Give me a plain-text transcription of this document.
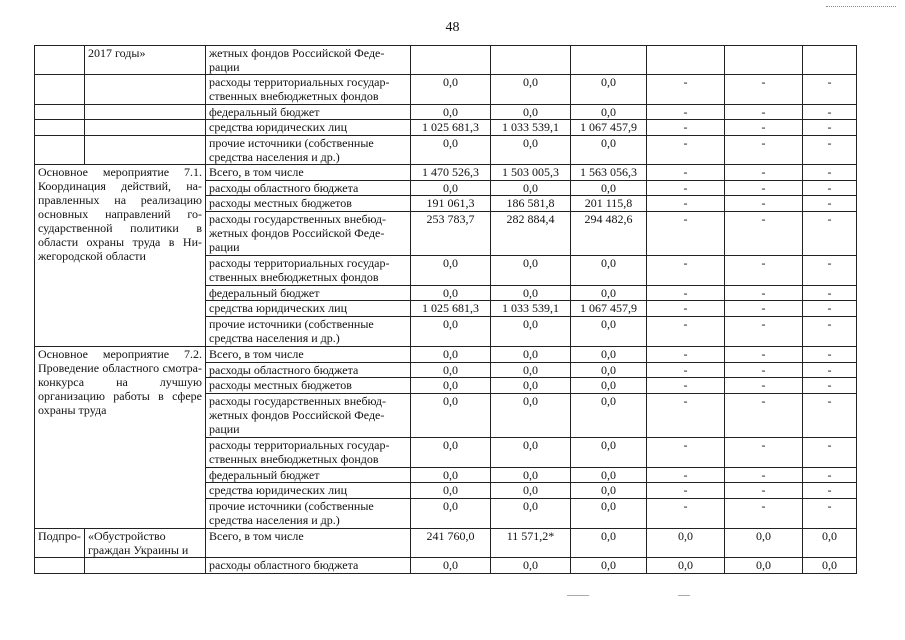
48
	2017 годы»	жетных фондов Российской Федерации						
		расходы территориальных государственных внебюджетных фондов	0,0	0,0	0,0	-	-	-
		федеральный бюджет	0,0	0,0	0,0	-	-	-
		средства юридических лиц	1 025 681,3	1 033 539,1	1 067 457,9	-	-	-
		прочие источники (собственные средства населения и др.)	0,0	0,0	0,0	-	-	-
Основное мероприятие 7.1. Координация действий, направленных на реализацию основных направлений государственной политики в области охраны труда в Нижегородской области		Всего, в том числе	1 470 526,3	1 503 005,3	1 563 056,3	-	-	-
		расходы областного бюджета	0,0	0,0	0,0	-	-	-
		расходы местных бюджетов	191 061,3	186 581,8	201 115,8	-	-	-
		расходы государственных внебюджетных фондов Российской Федерации	253 783,7	282 884,4	294 482,6	-	-	-
		расходы территориальных государственных внебюджетных фондов	0,0	0,0	0,0	-	-	-
		федеральный бюджет	0,0	0,0	0,0	-	-	-
		средства юридических лиц	1 025 681,3	1 033 539,1	1 067 457,9	-	-	-
		прочие источники (собственные средства населения и др.)	0,0	0,0	0,0	-	-	-
Основное мероприятие 7.2. Проведение областного смотра-конкурса на лучшую организацию работы в сфере охраны труда		Всего, в том числе	0,0	0,0	0,0	-	-	-
		расходы областного бюджета	0,0	0,0	0,0	-	-	-
		расходы местных бюджетов	0,0	0,0	0,0	-	-	-
		расходы государственных внебюджетных фондов Российской Федерации	0,0	0,0	0,0	-	-	-
		расходы территориальных государственных внебюджетных фондов	0,0	0,0	0,0	-	-	-
		федеральный бюджет	0,0	0,0	0,0	-	-	-
		средства юридических лиц	0,0	0,0	0,0	-	-	-
		прочие источники (собственные средства населения и др.)	0,0	0,0	0,0	-	-	-
Подпро-	«Обустройство граждан Украины и	Всего, в том числе	241 760,0	11 571,2*	0,0	0,0	0,0	0,0
		расходы областного бюджета	0,0	0,0	0,0	0,0	0,0	0,0
